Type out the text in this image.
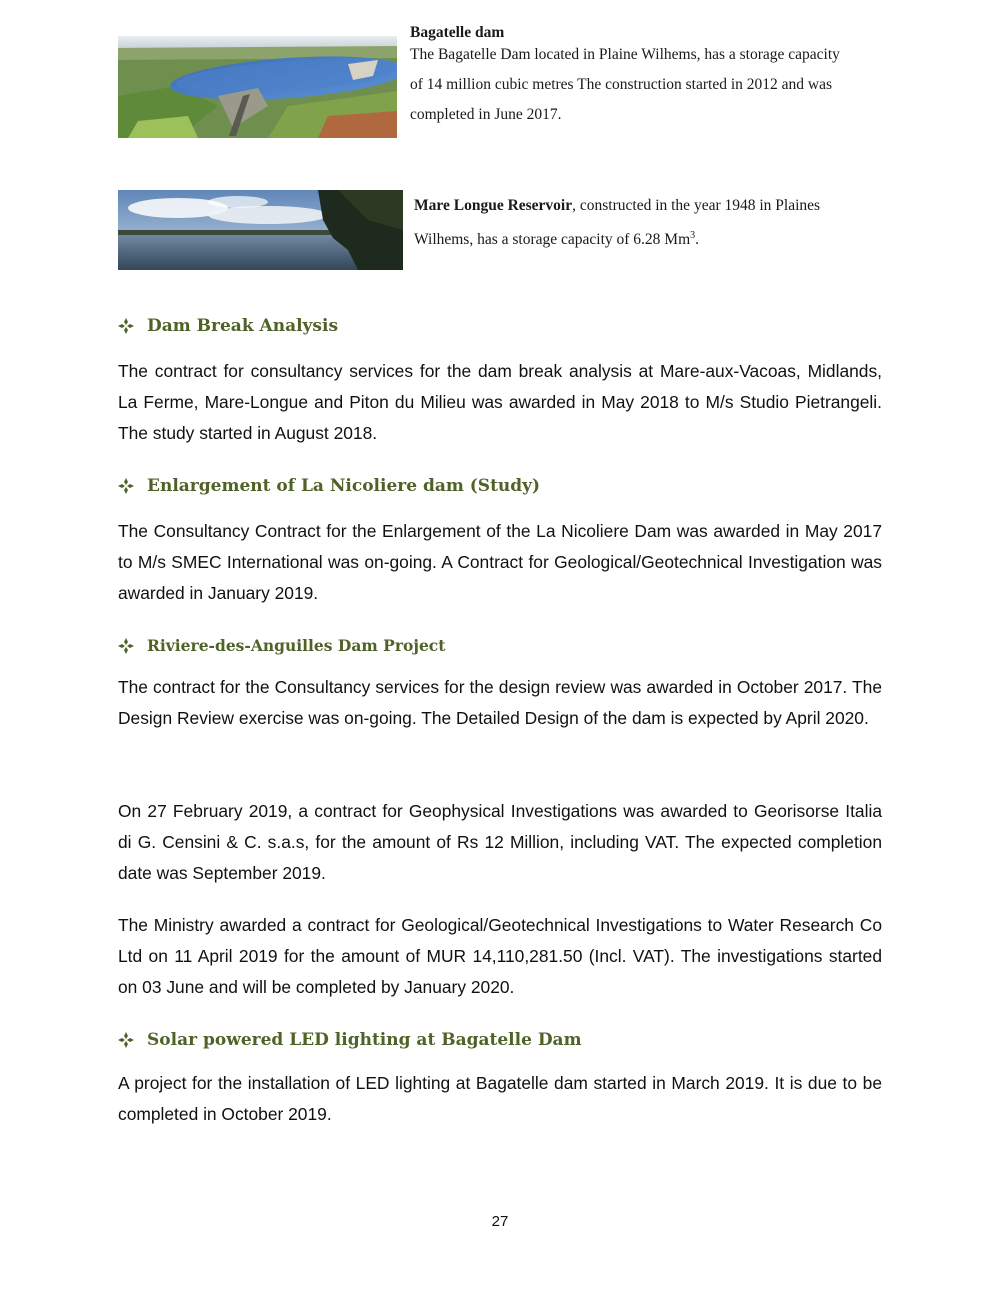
Bagatelle dam
The Bagatelle Dam located in Plaine Wilhems, has a storage capacity
of 14 million cubic metres The construction started in 2012 and was
completed in June 2017.
Mare Longue Reservoir, constructed in the year 1948 in Plaines
Wilhems, has a storage capacity of 6.28 Mm$^3$.
Dam Break Analysis

The contract for consultancy services for the dam break analysis at Mare-aux-Vacoas, Midlands, La Ferme, Mare-Longue and Piton du Milieu was awarded in May 2018 to M/s Studio Pietrangeli. The study started in August 2018.

Enlargement of La Nicoliere dam (Study)

The Consultancy Contract for the Enlargement of the La Nicoliere Dam was awarded in May 2017 to M/s SMEC International was on-going. A Contract for Geological/Geotechnical Investigation was awarded in January 2019.

Riviere-des-Anguilles Dam Project

The contract for the Consultancy services for the design review was awarded in October 2017. The Design Review exercise was on-going. The Detailed Design of the dam is expected by April 2020.

On 27 February 2019, a contract for Geophysical Investigations was awarded to Georisorse Italia di G. Censini & C. s.a.s, for the amount of Rs 12 Million, including VAT. The expected completion date was September 2019.

The Ministry awarded a contract for Geological/Geotechnical Investigations to Water Research Co Ltd on 11 April 2019 for the amount of MUR 14,110,281.50 (Incl. VAT). The investigations started on 03 June and will be completed by January 2020.

Solar powered LED lighting at Bagatelle Dam

A project for the installation of LED lighting at Bagatelle dam started in March 2019. It is due to be completed in October 2019.

27
